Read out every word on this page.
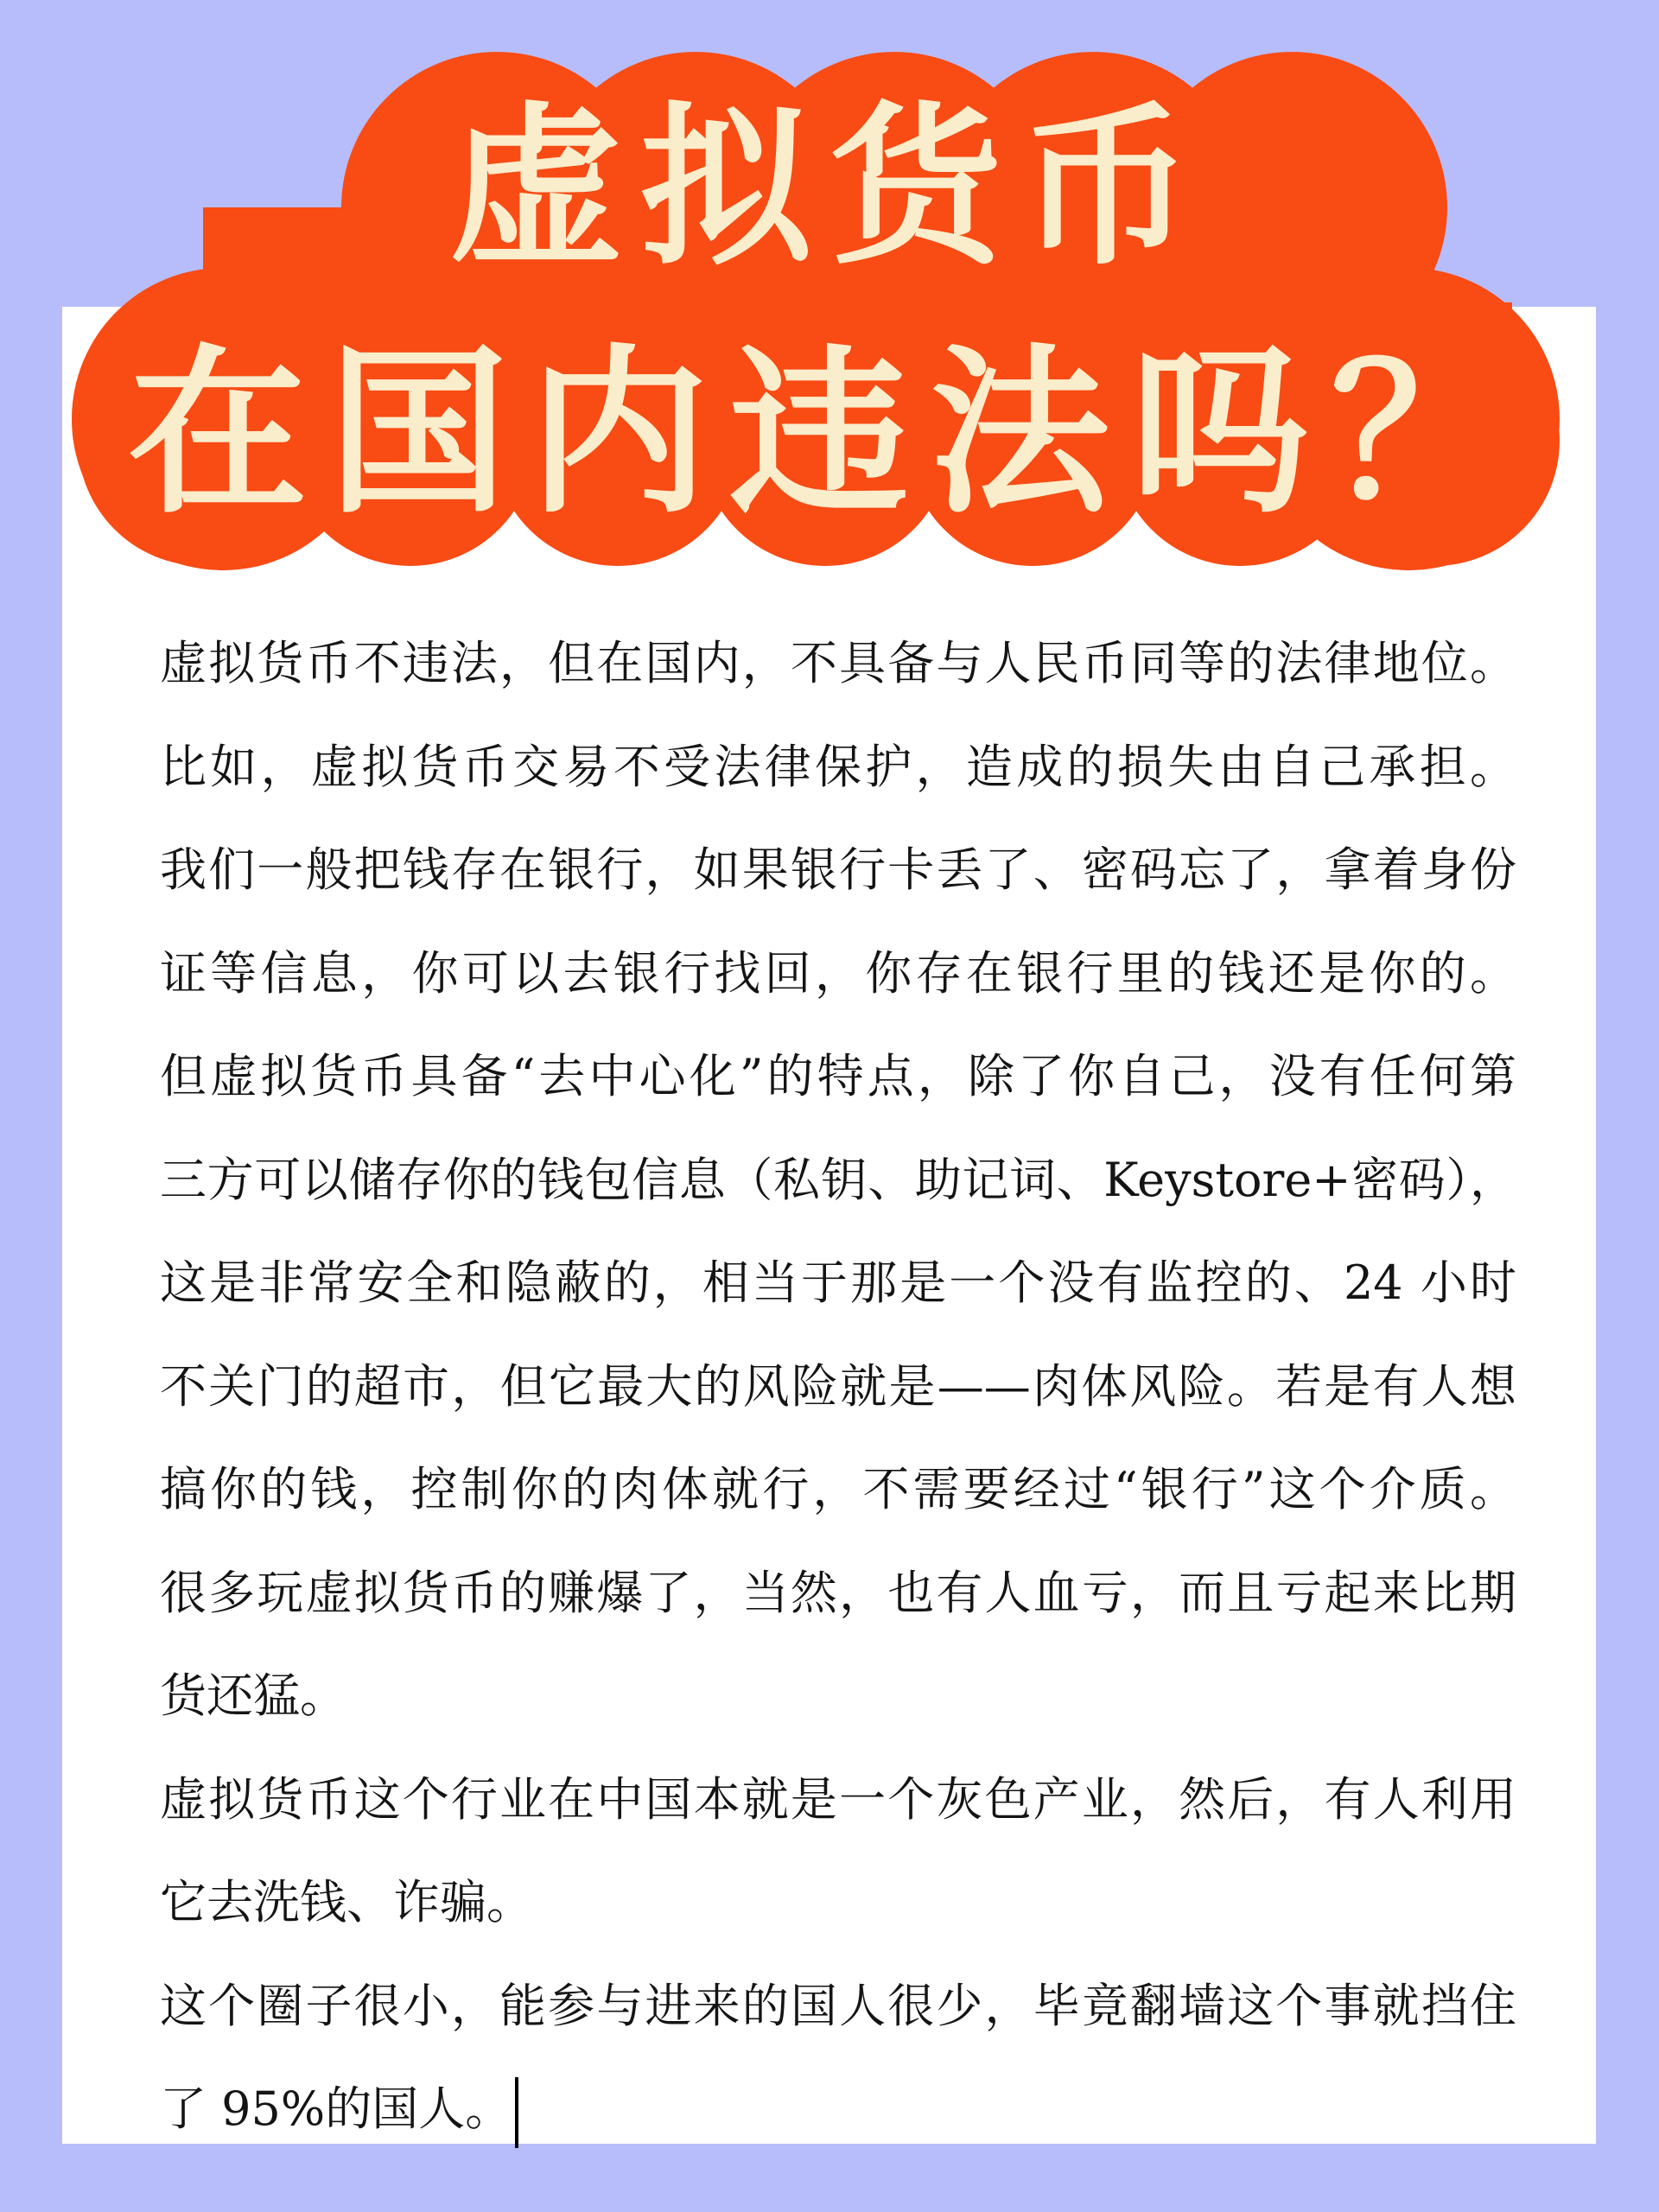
虚拟货币
在国内违法吗？
虚拟货币不违法，但在国内，不具备与人民币同等的法律地位。
比如，虚拟货币交易不受法律保护，造成的损失由自己承担。
我们一般把钱存在银行，如果银行卡丢了、密码忘了，拿着身份
证等信息，你可以去银行找回，你存在银行里的钱还是你的。
但虚拟货币具备“去中心化”的特点，除了你自己，没有任何第
三方可以储存你的钱包信息（私钥、助记词、Keystore+密码），
这是非常安全和隐蔽的，相当于那是一个没有监控的、24 小时
不关门的超市，但它最大的风险就是——肉体风险。若是有人想
搞你的钱，控制你的肉体就行，不需要经过“银行”这个介质。
很多玩虚拟货币的赚爆了，当然，也有人血亏，而且亏起来比期
货还猛。
虚拟货币这个行业在中国本就是一个灰色产业，然后，有人利用
它去洗钱、诈骗。
这个圈子很小，能参与进来的国人很少，毕竟翻墙这个事就挡住
了 95%的国人。
